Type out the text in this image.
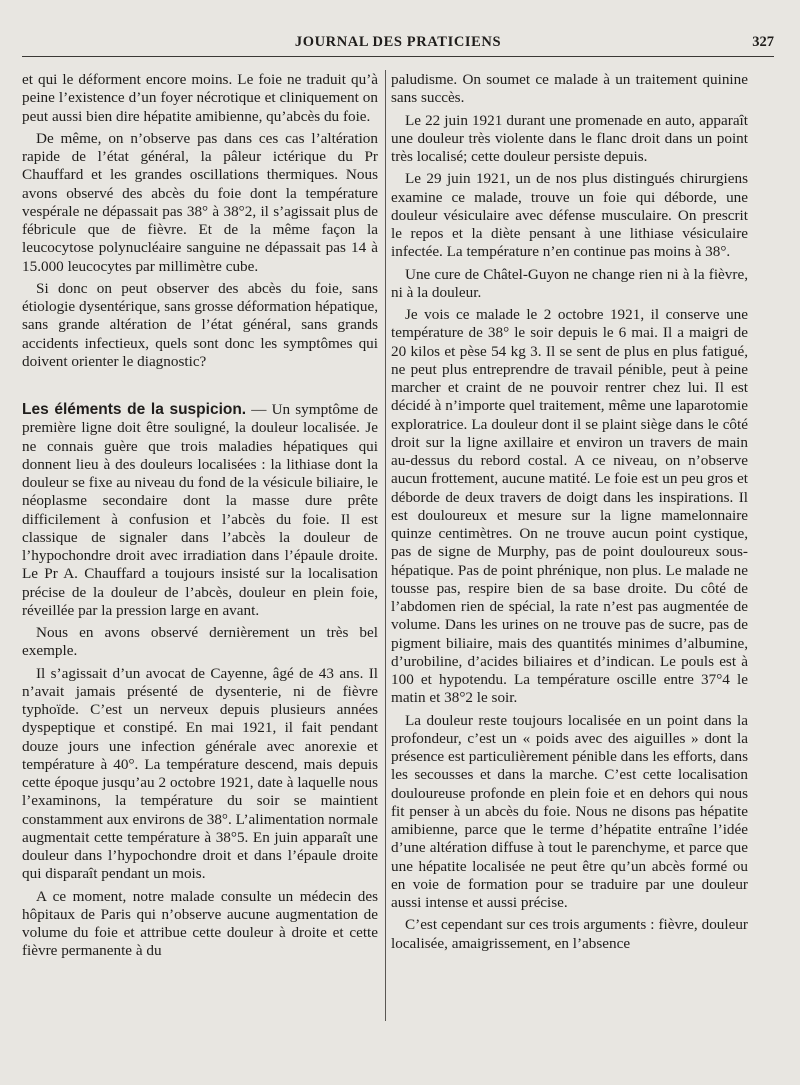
JOURNAL DES PRATICIENS	327

et qui le déforment encore moins. Le foie ne traduit qu’à peine l’existence d’un foyer nécrotique et cliniquement on peut aussi bien dire hépatite amibienne, qu’abcès du foie.

De même, on n’observe pas dans ces cas l’altération rapide de l’état général, la pâleur ictérique du Pr Chauffard et les grandes oscillations thermiques. Nous avons observé des abcès du foie dont la température vespérale ne dépassait pas 38° à 38°2, il s’agissait plus de fébricule que de fièvre. Et de la même façon la leucocytose polynucléaire sanguine ne dépassait pas 14 à 15.000 leucocytes par millimètre cube.

Si donc on peut observer des abcès du foie, sans étiologie dysentérique, sans grosse déformation hépatique, sans grande altération de l’état général, sans grands accidents infectieux, quels sont donc les symptômes qui doivent orienter le diagnostic?

Les éléments de la suspicion. — Un symptôme de première ligne doit être souligné, la douleur localisée. Je ne connais guère que trois maladies hépatiques qui donnent lieu à des douleurs localisées : la lithiase dont la douleur se fixe au niveau du fond de la vésicule biliaire, le néoplasme secondaire dont la masse dure prête difficilement à confusion et l’abcès du foie. Il est classique de signaler dans l’abcès la douleur de l’hypochondre droit avec irradiation dans l’épaule droite. Le Pr A. Chauffard a toujours insisté sur la localisation précise de la douleur de l’abcès, douleur en plein foie, réveillée par la pression large en avant.

Nous en avons observé dernièrement un très bel exemple.

Il s’agissait d’un avocat de Cayenne, âgé de 43 ans. Il n’avait jamais présenté de dysenterie, ni de fièvre typhoïde. C’est un nerveux depuis plusieurs années dyspeptique et constipé. En mai 1921, il fait pendant douze jours une infection générale avec anorexie et température à 40°. La température descend, mais depuis cette époque jusqu’au 2 octobre 1921, date à laquelle nous l’examinons, la température du soir se maintient constamment aux environs de 38°. L’alimentation normale augmentait cette température à 38°5. En juin apparaît une douleur dans l’hypochondre droit et dans l’épaule droite qui disparaît pendant un mois.

A ce moment, notre malade consulte un médecin des hôpitaux de Paris qui n’observe aucune augmentation de volume du foie et attribue cette douleur à droite et cette fièvre permanente à du

paludisme. On soumet ce malade à un traitement quinine sans succès.

Le 22 juin 1921 durant une promenade en auto, apparaît une douleur très violente dans le flanc droit dans un point très localisé; cette douleur persiste depuis.

Le 29 juin 1921, un de nos plus distingués chirurgiens examine ce malade, trouve un foie qui déborde, une douleur vésiculaire avec défense musculaire. On prescrit le repos et la diète pensant à une lithiase vésiculaire infectée. La température n’en continue pas moins à 38°.

Une cure de Châtel-Guyon ne change rien ni à la fièvre, ni à la douleur.

Je vois ce malade le 2 octobre 1921, il conserve une température de 38° le soir depuis le 6 mai. Il a maigri de 20 kilos et pèse 54 kg 3. Il se sent de plus en plus fatigué, ne peut plus entreprendre de travail pénible, peut à peine marcher et craint de ne pouvoir rentrer chez lui. Il est décidé à n’importe quel traitement, même une laparotomie exploratrice. La douleur dont il se plaint siège dans le côté droit sur la ligne axillaire et environ un travers de main au-dessus du rebord costal. A ce niveau, on n’observe aucun frottement, aucune matité. Le foie est un peu gros et déborde de deux travers de doigt dans les inspirations. Il est douloureux et mesure sur la ligne mamelonnaire quinze centimètres. On ne trouve aucun point cystique, pas de signe de Murphy, pas de point douloureux sous-hépatique. Pas de point phrénique, non plus. Le malade ne tousse pas, respire bien de sa base droite. Du côté de l’abdomen rien de spécial, la rate n’est pas augmentée de volume. Dans les urines on ne trouve pas de sucre, pas de pigment biliaire, mais des quantités minimes d’albumine, d’urobiline, d’acides biliaires et d’indican. Le pouls est à 100 et hypotendu. La température oscille entre 37°4 le matin et 38°2 le soir.

La douleur reste toujours localisée en un point dans la profondeur, c’est un « poids avec des aiguilles » dont la présence est particulièrement pénible dans les efforts, dans les secousses et dans la marche. C’est cette localisation douloureuse profonde en plein foie et en dehors qui nous fit penser à un abcès du foie. Nous ne disons pas hépatite amibienne, parce que le terme d’hépatite entraîne l’idée d’une altération diffuse à tout le parenchyme, et parce que une hépatite localisée ne peut être qu’un abcès formé ou en voie de formation pour se traduire par une douleur aussi intense et aussi précise.

C’est cependant sur ces trois arguments : fièvre, douleur localisée, amaigrissement, en l’absence
